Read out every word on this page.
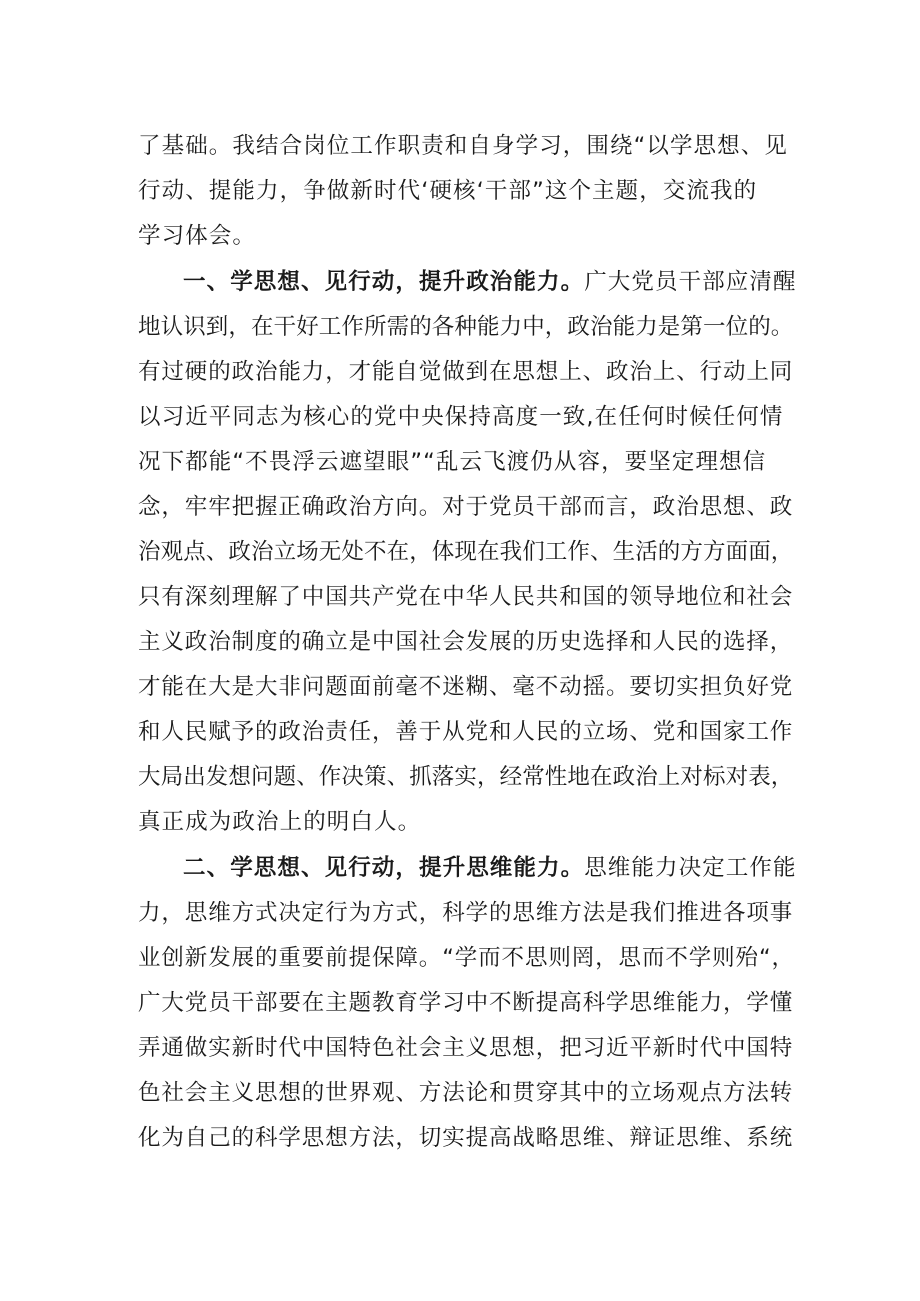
了基础。我结合岗位工作职责和自身学习，围绕“以学思想、见
行动、提能力，争做新时代‘硬核‘干部”这个主题，交流我的
学习体会。
一、学思想、见行动，提升政治能力。广大党员干部应清醒
地认识到，在干好工作所需的各种能力中，政治能力是第一位的。
有过硬的政治能力，才能自觉做到在思想上、政治上、行动上同
以习近平同志为核心的党中央保持高度一致,在任何时候任何情
况下都能“不畏浮云遮望眼”“乱云飞渡仍从容，要坚定理想信
念，牢牢把握正确政治方向。对于党员干部而言，政治思想、政
治观点、政治立场无处不在，体现在我们工作、生活的方方面面，
只有深刻理解了中国共产党在中华人民共和国的领导地位和社会
主义政治制度的确立是中国社会发展的历史选择和人民的选择，
才能在大是大非问题面前毫不迷糊、毫不动摇。要切实担负好党
和人民赋予的政治责任，善于从党和人民的立场、党和国家工作
大局出发想问题、作决策、抓落实，经常性地在政治上对标对表，
真正成为政治上的明白人。
二、学思想、见行动，提升思维能力。思维能力决定工作能
力，思维方式决定行为方式，科学的思维方法是我们推进各项事
业创新发展的重要前提保障。“学而不思则罔，思而不学则殆“，
广大党员干部要在主题教育学习中不断提高科学思维能力，学懂
弄通做实新时代中国特色社会主义思想，把习近平新时代中国特
色社会主义思想的世界观、方法论和贯穿其中的立场观点方法转
化为自己的科学思想方法，切实提高战略思维、辩证思维、系统
